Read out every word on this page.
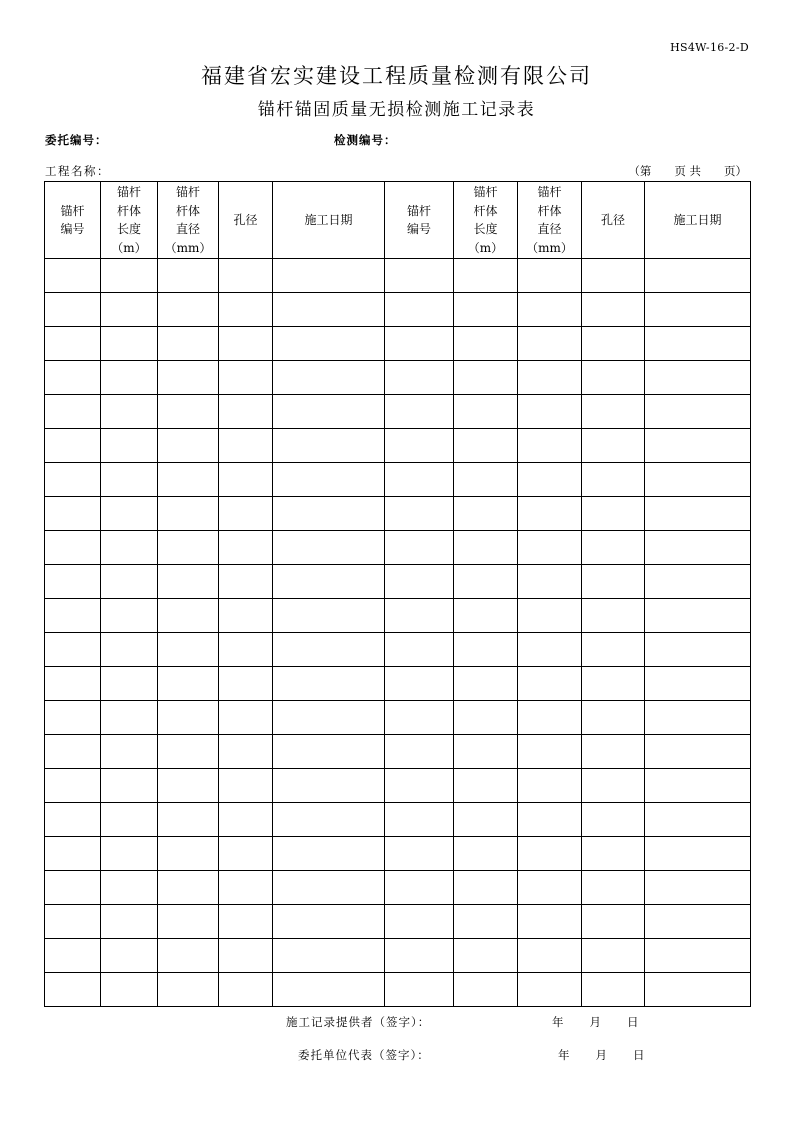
HS4W-16-2-D
福建省宏实建设工程质量检测有限公司
锚杆锚固质量无损检测施工记录表
委托编号：	检测编号：
工程名称：	（第　　页 共　　页）
锚杆
编号	锚杆
杆体
长度
（m）	锚杆
杆体
直径
（mm）	孔径	施工日期	锚杆
编号	锚杆
杆体
长度
（m）	锚杆
杆体
直径
（mm）	孔径	施工日期

施工记录提供者（签字）：	年　　月　　日
委托单位代表（签字）：	年　　月　　日
